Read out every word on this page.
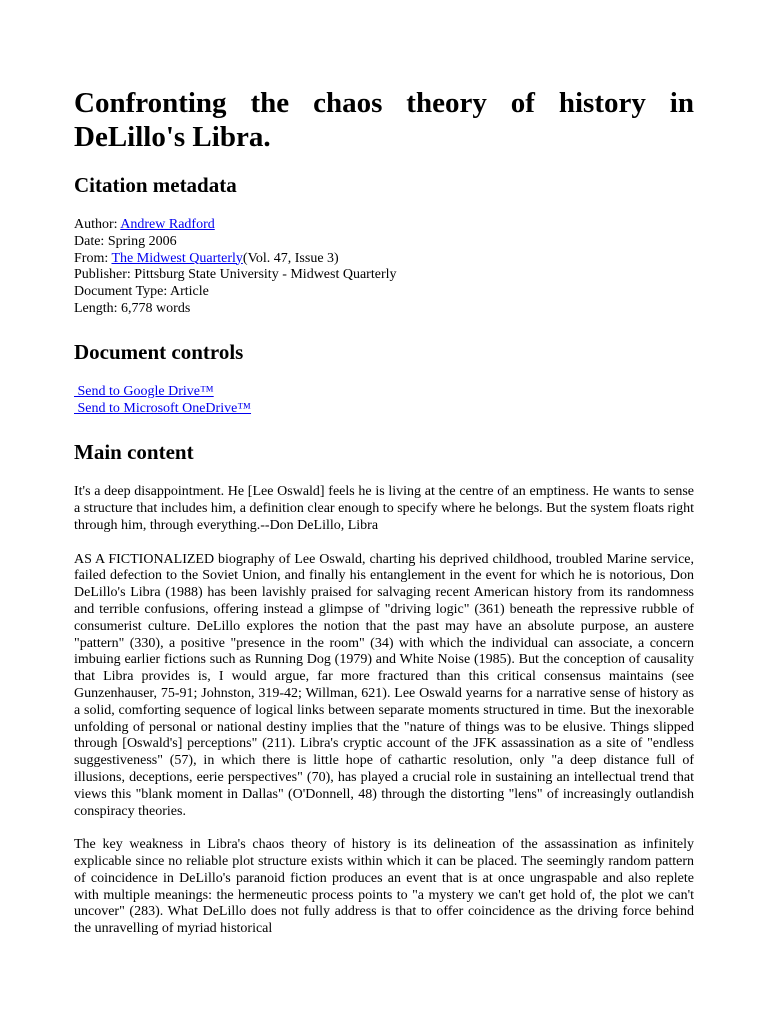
Confronting the chaos theory of history in DeLillo's Libra.
Citation metadata
Author: Andrew Radford
Date: Spring 2006
From: The Midwest Quarterly(Vol. 47, Issue 3)
Publisher: Pittsburg State University - Midwest Quarterly
Document Type: Article
Length: 6,778 words
Document controls
Send to Google Drive™
Send to Microsoft OneDrive™
Main content

It's a deep disappointment. He [Lee Oswald] feels he is living at the centre of an emptiness. He wants to sense a structure that includes him, a definition clear enough to specify where he belongs. But the system floats right through him, through everything.--Don DeLillo, Libra

AS A FICTIONALIZED biography of Lee Oswald, charting his deprived childhood, troubled Marine service, failed defection to the Soviet Union, and finally his entanglement in the event for which he is notorious, Don DeLillo's Libra (1988) has been lavishly praised for salvaging recent American history from its randomness and terrible confusions, offering instead a glimpse of "driving logic" (361) beneath the repressive rubble of consumerist culture. DeLillo explores the notion that the past may have an absolute purpose, an austere "pattern" (330), a positive "presence in the room" (34) with which the individual can associate, a concern imbuing earlier fictions such as Running Dog (1979) and White Noise (1985). But the conception of causality that Libra provides is, I would argue, far more fractured than this critical consensus maintains (see Gunzenhauser, 75-91; Johnston, 319-42; Willman, 621). Lee Oswald yearns for a narrative sense of history as a solid, comforting sequence of logical links between separate moments structured in time. But the inexorable unfolding of personal or national destiny implies that the "nature of things was to be elusive. Things slipped through [Oswald's] perceptions" (211). Libra's cryptic account of the JFK assassination as a site of "endless suggestiveness" (57), in which there is little hope of cathartic resolution, only "a deep distance full of illusions, deceptions, eerie perspectives" (70), has played a crucial role in sustaining an intellectual trend that views this "blank moment in Dallas" (O'Donnell, 48) through the distorting "lens" of increasingly outlandish conspiracy theories.

The key weakness in Libra's chaos theory of history is its delineation of the assassination as infinitely explicable since no reliable plot structure exists within which it can be placed. The seemingly random pattern of coincidence in DeLillo's paranoid fiction produces an event that is at once ungraspable and also replete with multiple meanings: the hermeneutic process points to "a mystery we can't get hold of, the plot we can't uncover" (283). What DeLillo does not fully address is that to offer coincidence as the driving force behind the unravelling of myriad historical
